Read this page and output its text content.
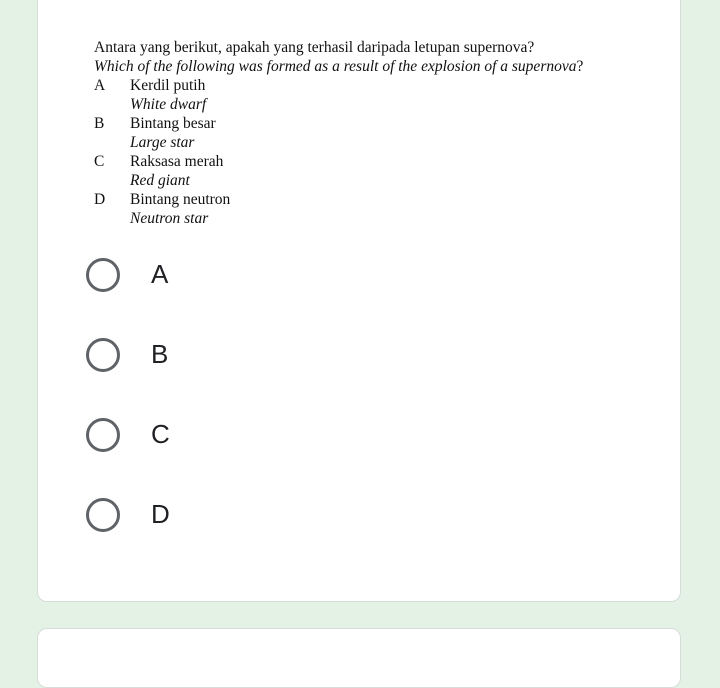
Antara yang berikut, apakah yang terhasil daripada letupan supernova?
Which of the following was formed as a result of the explosion of a supernova?
A	Kerdil putih
White dwarf
B	Bintang besar
Large star
C	Raksasa merah
Red giant
D	Bintang neutron
Neutron star
A
B
C
D
